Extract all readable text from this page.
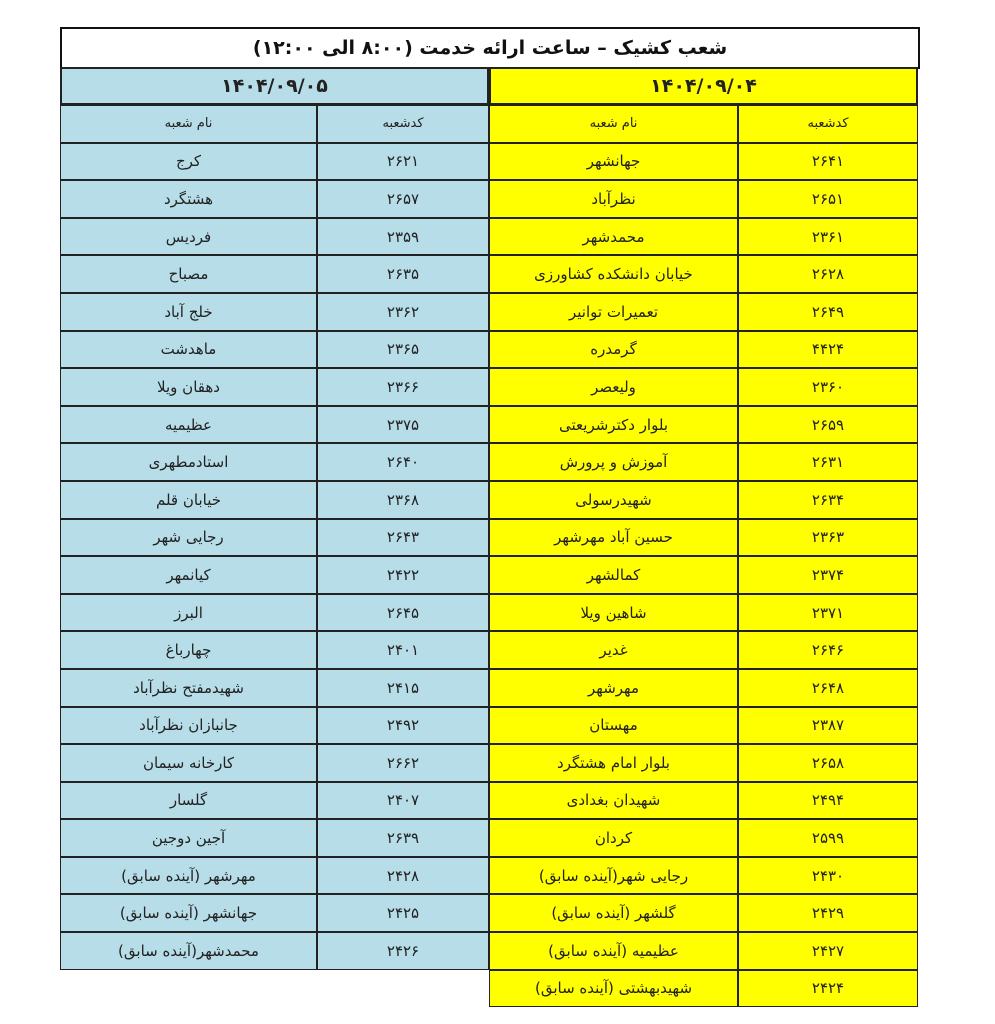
شعب کشیک – ساعت ارائه خدمت (۸:۰۰ الی ۱۲:۰۰)
۱۴۰۴/۰۹/۰۴
کدشعبه
نام شعبه
۲۶۴۱
جهانشهر
۲۶۵۱
نظرآباد
۲۳۶۱
محمدشهر
۲۶۲۸
خیابان دانشکده کشاورزی
۲۶۴۹
تعمیرات توانیر
۴۴۲۴
گرمدره
۲۳۶۰
ولیعصر
۲۶۵۹
بلوار دکترشریعتی
۲۶۳۱
آموزش و پرورش
۲۶۳۴
شهیدرسولی
۲۳۶۳
حسین آباد مهرشهر
۲۳۷۴
کمالشهر
۲۳۷۱
شاهین ویلا
۲۶۴۶
غدیر
۲۶۴۸
مهرشهر
۲۳۸۷
مهستان
۲۶۵۸
بلوار امام هشتگرد
۲۴۹۴
شهیدان بغدادی
۲۵۹۹
کردان
۲۴۳۰
رجایی شهر(آینده سابق)
۲۴۲۹
گلشهر (آینده سابق)
۲۴۲۷
عظیمیه (آینده سابق)
۲۴۲۴
شهیدبهشتی (آینده سابق)
۱۴۰۴/۰۹/۰۵
کدشعبه
نام شعبه
۲۶۲۱
کرج
۲۶۵۷
هشتگرد
۲۳۵۹
فردیس
۲۶۳۵
مصباح
۲۳۶۲
خلج آباد
۲۳۶۵
ماهدشت
۲۳۶۶
دهقان ویلا
۲۳۷۵
عظیمیه
۲۶۴۰
استادمطهری
۲۳۶۸
خیابان قلم
۲۶۴۳
رجایی شهر
۲۴۲۲
کیانمهر
۲۶۴۵
البرز
۲۴۰۱
چهارباغ
۲۴۱۵
شهیدمفتح نظرآباد
۲۴۹۲
جانبازان نظرآباد
۲۶۶۲
کارخانه سیمان
۲۴۰۷
گلسار
۲۶۳۹
آجین دوجین
۲۴۲۸
مهرشهر (آینده سابق)
۲۴۲۵
جهانشهر (آینده سابق)
۲۴۲۶
محمدشهر(آینده سابق)
